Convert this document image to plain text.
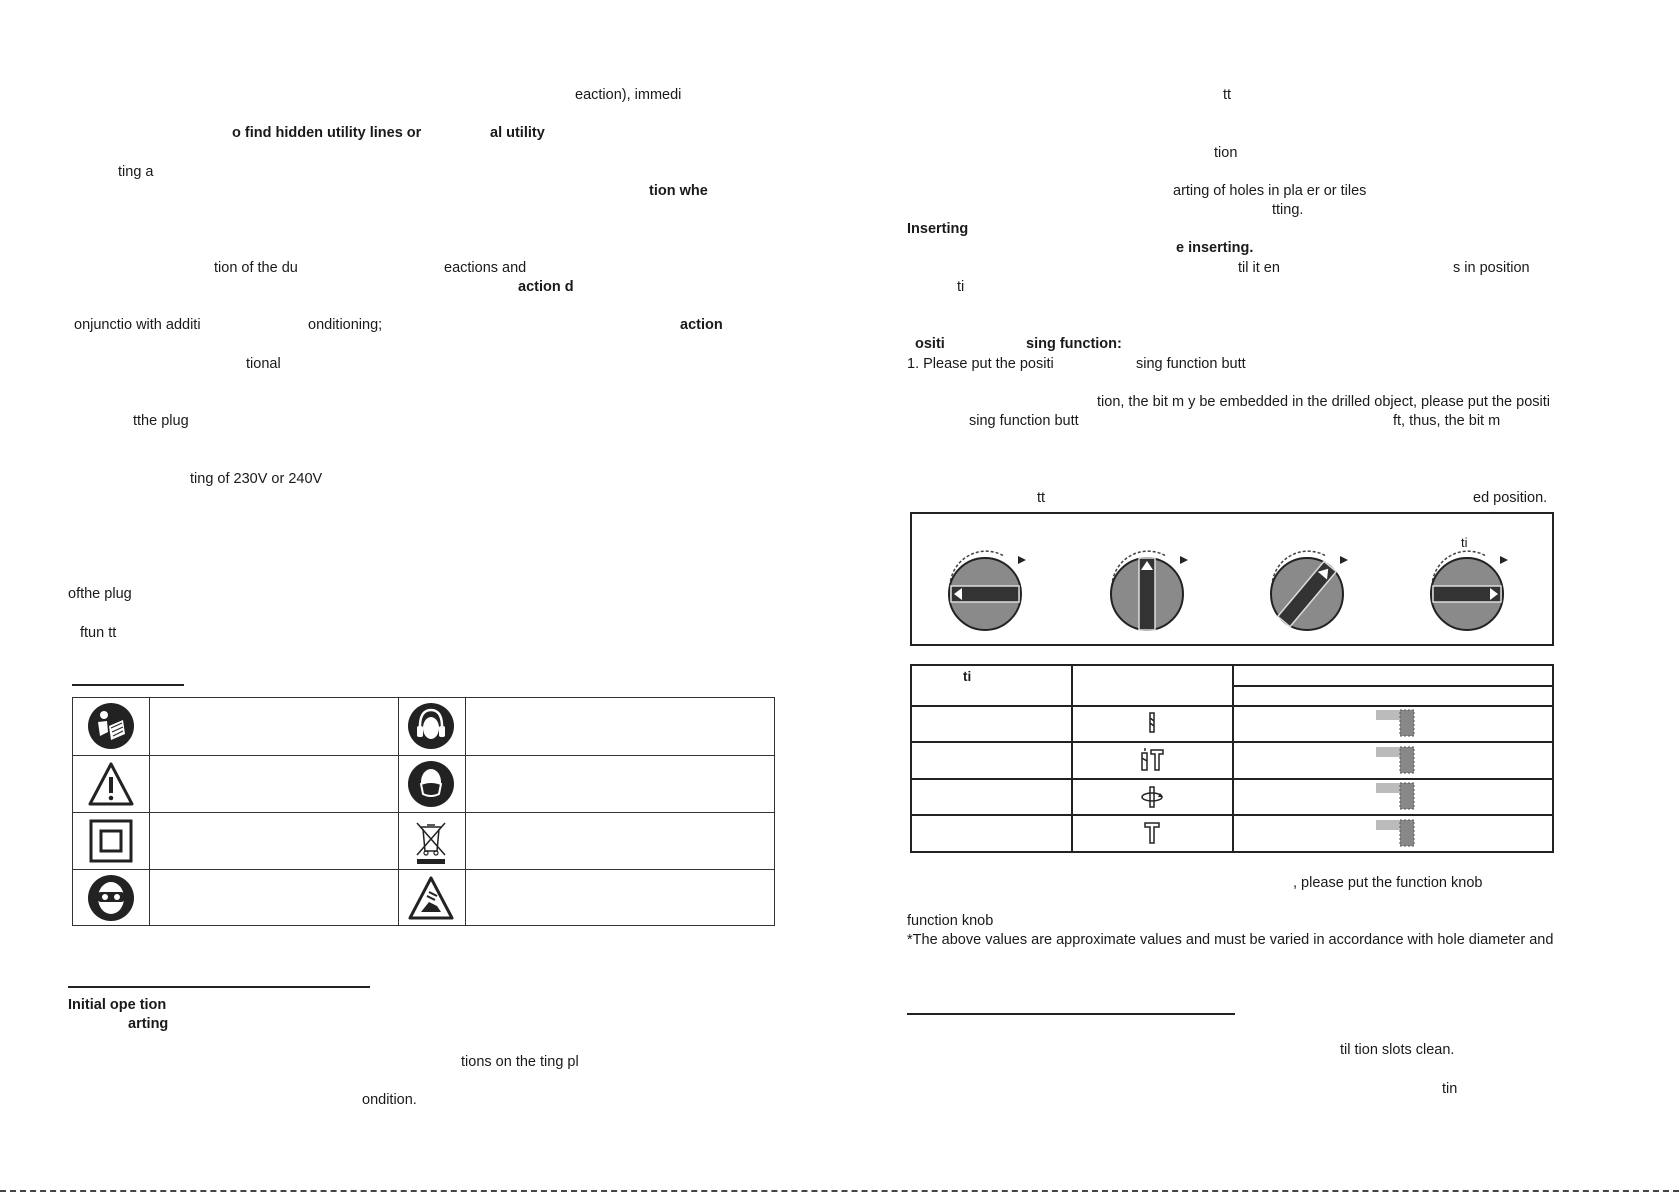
eaction), immedi
o find hidden utility lines or	al utility
ting a
tion whe
tion of the du	eactions and
action d
onjunctio with additi	onditioning;	action
tional
tthe plug
ting of 230V or 240V
ofthe plug
ftun tt
Initial ope tion
arting
tions on the ting pl
ondition.
tt
tion
arting of holes in pla er or tiles
tting.
Inserting
e inserting.
til it en	s in position
ti
ositi	sing function:
1. Please put the positi	sing function butt
tion, the bit m y be embedded in the drilled object, please put the positi
sing function butt	ft, thus, the bit m
tt	ed position.
ti
ti
, please put the function knob
function knob
*The above values are approximate values and must be varied in accordance with hole diameter and
til tion slots clean.
tin
